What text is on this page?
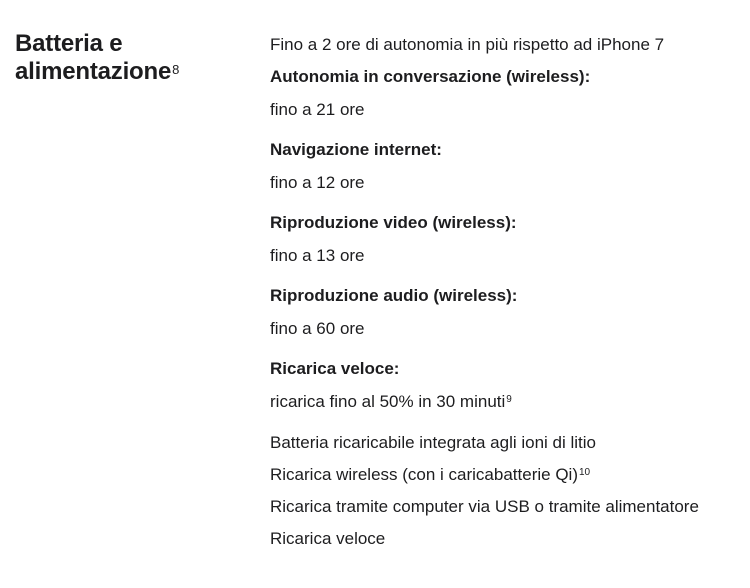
Batteria e
alimentazione$^8$

Fino a 2 ore di autonomia in più rispetto ad iPhone 7

Autonomia in conversazione (wireless):

fino a 21 ore

Navigazione internet:

fino a 12 ore

Riproduzione video (wireless):

fino a 13 ore

Riproduzione audio (wireless):

fino a 60 ore

Ricarica veloce:

ricarica fino al 50% in 30 minuti$^9$

Batteria ricaricabile integrata agli ioni di litio

Ricarica wireless (con i caricabatterie Qi)$^{10}$

Ricarica tramite computer via USB o tramite alimentatore

Ricarica veloce
